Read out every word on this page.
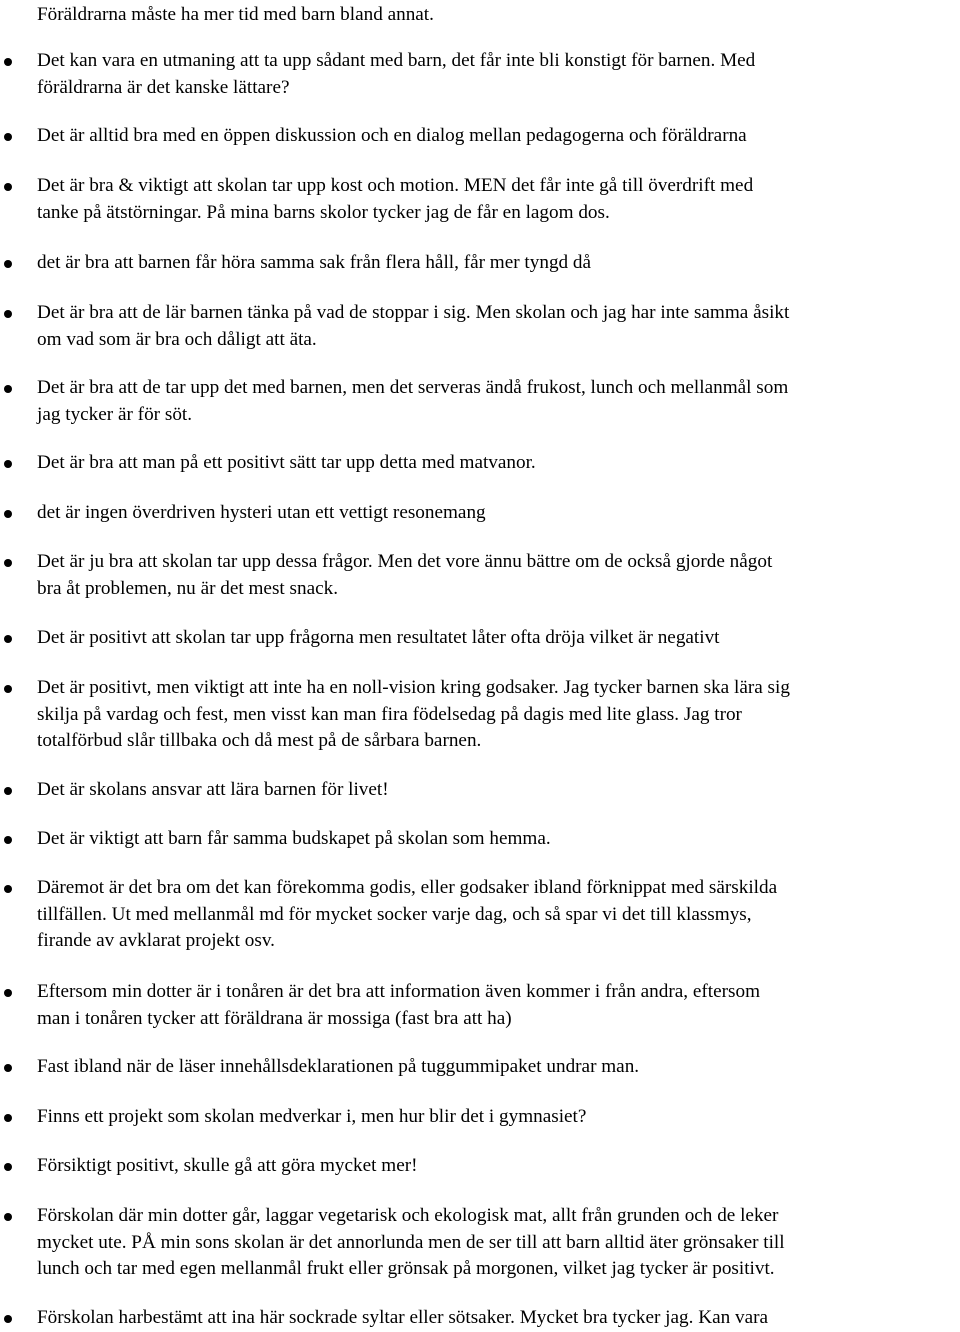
Föräldrarna måste ha mer tid med barn bland annat.

Det kan vara en utmaning att ta upp sådant med barn, det får inte bli konstigt för barnen. Med
föräldrarna är det kanske lättare?
Det är alltid bra med en öppen diskussion och en dialog mellan pedagogerna och föräldrarna
Det är bra & viktigt att skolan tar upp kost och motion. MEN det får inte gå till överdrift med
tanke på ätstörningar. På mina barns skolor tycker jag de får en lagom dos.
det är bra att barnen får höra samma sak från flera håll, får mer tyngd då
Det är bra att de lär barnen tänka på vad de stoppar i sig. Men skolan och jag har inte samma åsikt
om vad som är bra och dåligt att äta.
Det är bra att de tar upp det med barnen, men det serveras ändå frukost, lunch och mellanmål som
jag tycker är för söt.
Det är bra att man på ett positivt sätt tar upp detta med matvanor.
det är ingen överdriven hysteri utan ett vettigt resonemang
Det är ju bra att skolan tar upp dessa frågor. Men det vore ännu bättre om de också gjorde något
bra åt problemen, nu är det mest snack.
Det är positivt att skolan tar upp frågorna men resultatet låter ofta dröja vilket är negativt
Det är positivt, men viktigt att inte ha en noll-vision kring godsaker. Jag tycker barnen ska lära sig
skilja på vardag och fest, men visst kan man fira födelsedag på dagis med lite glass. Jag tror
totalförbud slår tillbaka och då mest på de sårbara barnen.
Det är skolans ansvar att lära barnen för livet!
Det är viktigt att barn får samma budskapet på skolan som hemma.
Däremot är det bra om det kan förekomma godis, eller godsaker ibland förknippat med särskilda
tillfällen. Ut med mellanmål md för mycket socker varje dag, och så spar vi det till klassmys,
firande av avklarat projekt osv.
Eftersom min dotter är i tonåren är det bra att information även kommer i från andra, eftersom
man i tonåren tycker att föräldrana är mossiga (fast bra att ha)
Fast ibland när de läser innehållsdeklarationen på tuggummipaket undrar man.
Finns ett projekt som skolan medverkar i, men hur blir det i gymnasiet?
Försiktigt positivt, skulle gå att göra mycket mer!
Förskolan där min dotter går, laggar vegetarisk och ekologisk mat, allt från grunden och de leker
mycket ute. PÅ min sons skolan är det annorlunda men de ser till att barn alltid äter grönsaker till
lunch och tar med egen mellanmål frukt eller grönsak på morgonen, vilket jag tycker är positivt.
Förskolan harbestämt att ina här sockrade syltar eller sötsaker. Mycket bra tycker jag. Kan vara
